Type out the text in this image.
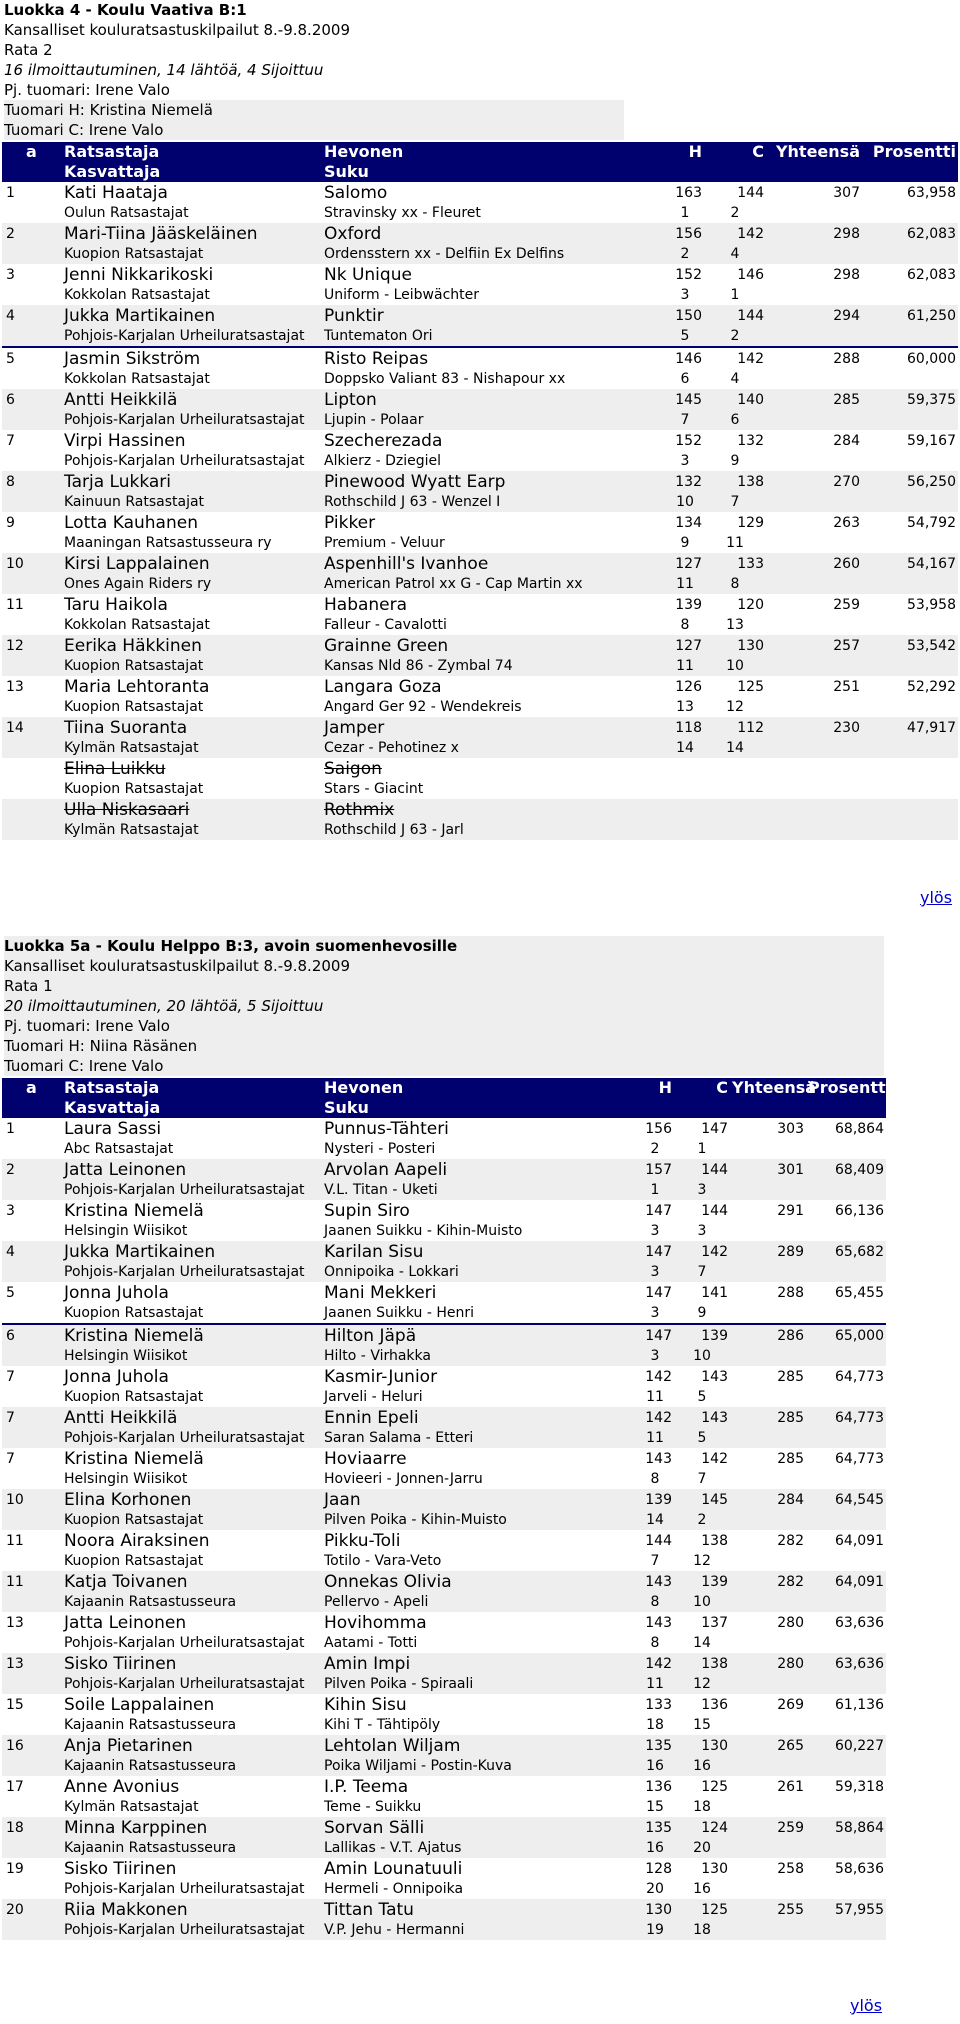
Luokka 4 - Koulu Vaativa B:1
Kansalliset kouluratsastuskilpailut 8.-9.8.2009
Rata 2
16 ilmoittautuminen, 14 lähtöä, 4 Sijoittuu
Pj. tuomari: Irene Valo
Tuomari H: Kristina Niemelä
Tuomari C: Irene Valo
a	Ratsastaja	Hevonen	H	C	Yhteensä	Prosentti
	Kasvattaja	Suku				
1	Kati Haataja	Salomo	163	144	307	63,958
	Oulun Ratsastajat	Stravinsky xx - Fleuret	1	2		
2	Mari-Tiina Jääskeläinen	Oxford	156	142	298	62,083
	Kuopion Ratsastajat	Ordensstern xx - Delfiin Ex Delfins	2	4		
3	Jenni Nikkarikoski	Nk Unique	152	146	298	62,083
	Kokkolan Ratsastajat	Uniform - Leibwächter	3	1		
4	Jukka Martikainen	Punktir	150	144	294	61,250
	Pohjois-Karjalan Urheiluratsastajat	Tuntematon Ori	5	2		
5	Jasmin Sikström	Risto Reipas	146	142	288	60,000
	Kokkolan Ratsastajat	Doppsko Valiant 83 - Nishapour xx	6	4		
6	Antti Heikkilä	Lipton	145	140	285	59,375
	Pohjois-Karjalan Urheiluratsastajat	Ljupin - Polaar	7	6		
7	Virpi Hassinen	Szecherezada	152	132	284	59,167
	Pohjois-Karjalan Urheiluratsastajat	Alkierz - Dziegiel	3	9		
8	Tarja Lukkari	Pinewood Wyatt Earp	132	138	270	56,250
	Kainuun Ratsastajat	Rothschild J 63 - Wenzel I	10	7		
9	Lotta Kauhanen	Pikker	134	129	263	54,792
	Maaningan Ratsastusseura ry	Premium - Veluur	9	11		
10	Kirsi Lappalainen	Aspenhill's Ivanhoe	127	133	260	54,167
	Ones Again Riders ry	American Patrol xx G - Cap Martin xx	11	8		
11	Taru Haikola	Habanera	139	120	259	53,958
	Kokkolan Ratsastajat	Falleur - Cavalotti	8	13		
12	Eerika Häkkinen	Grainne Green	127	130	257	53,542
	Kuopion Ratsastajat	Kansas Nld 86 - Zymbal 74	11	10		
13	Maria Lehtoranta	Langara Goza	126	125	251	52,292
	Kuopion Ratsastajat	Angard Ger 92 - Wendekreis	13	12		
14	Tiina Suoranta	Jamper	118	112	230	47,917
	Kylmän Ratsastajat	Cezar - Pehotinez x	14	14		
	Elina Luikku	Saigon				
	Kuopion Ratsastajat	Stars - Giacint				
	Ulla Niskasaari	Rothmix				
	Kylmän Ratsastajat	Rothschild J 63 - Jarl				
ylös
Luokka 5a - Koulu Helppo B:3, avoin suomenhevosille
Kansalliset kouluratsastuskilpailut 8.-9.8.2009
Rata 1
20 ilmoittautuminen, 20 lähtöä, 5 Sijoittuu
Pj. tuomari: Irene Valo
Tuomari H: Niina Räsänen
Tuomari C: Irene Valo
a	Ratsastaja	Hevonen	H	C	Yhteensä	Prosentti
	Kasvattaja	Suku				
1	Laura Sassi	Punnus-Tähteri	156	147	303	68,864
	Abc Ratsastajat	Nysteri - Posteri	2	1		
2	Jatta Leinonen	Arvolan Aapeli	157	144	301	68,409
	Pohjois-Karjalan Urheiluratsastajat	V.L. Titan - Uketi	1	3		
3	Kristina Niemelä	Supin Siro	147	144	291	66,136
	Helsingin Wiisikot	Jaanen Suikku - Kihin-Muisto	3	3		
4	Jukka Martikainen	Karilan Sisu	147	142	289	65,682
	Pohjois-Karjalan Urheiluratsastajat	Onnipoika - Lokkari	3	7		
5	Jonna Juhola	Mani Mekkeri	147	141	288	65,455
	Kuopion Ratsastajat	Jaanen Suikku - Henri	3	9		
6	Kristina Niemelä	Hilton Jäpä	147	139	286	65,000
	Helsingin Wiisikot	Hilto - Virhakka	3	10		
7	Jonna Juhola	Kasmir-Junior	142	143	285	64,773
	Kuopion Ratsastajat	Jarveli - Heluri	11	5		
7	Antti Heikkilä	Ennin Epeli	142	143	285	64,773
	Pohjois-Karjalan Urheiluratsastajat	Saran Salama - Etteri	11	5		
7	Kristina Niemelä	Hoviaarre	143	142	285	64,773
	Helsingin Wiisikot	Hovieeri - Jonnen-Jarru	8	7		
10	Elina Korhonen	Jaan	139	145	284	64,545
	Kuopion Ratsastajat	Pilven Poika - Kihin-Muisto	14	2		
11	Noora Airaksinen	Pikku-Toli	144	138	282	64,091
	Kuopion Ratsastajat	Totilo - Vara-Veto	7	12		
11	Katja Toivanen	Onnekas Olivia	143	139	282	64,091
	Kajaanin Ratsastusseura	Pellervo - Apeli	8	10		
13	Jatta Leinonen	Hovihomma	143	137	280	63,636
	Pohjois-Karjalan Urheiluratsastajat	Aatami - Totti	8	14		
13	Sisko Tiirinen	Amin Impi	142	138	280	63,636
	Pohjois-Karjalan Urheiluratsastajat	Pilven Poika - Spiraali	11	12		
15	Soile Lappalainen	Kihin Sisu	133	136	269	61,136
	Kajaanin Ratsastusseura	Kihi T - Tähtipöly	18	15		
16	Anja Pietarinen	Lehtolan Wiljam	135	130	265	60,227
	Kajaanin Ratsastusseura	Poika Wiljami - Postin-Kuva	16	16		
17	Anne Avonius	I.P. Teema	136	125	261	59,318
	Kylmän Ratsastajat	Teme - Suikku	15	18		
18	Minna Karppinen	Sorvan Sälli	135	124	259	58,864
	Kajaanin Ratsastusseura	Lallikas - V.T. Ajatus	16	20		
19	Sisko Tiirinen	Amin Lounatuuli	128	130	258	58,636
	Pohjois-Karjalan Urheiluratsastajat	Hermeli - Onnipoika	20	16		
20	Riia Makkonen	Tittan Tatu	130	125	255	57,955
	Pohjois-Karjalan Urheiluratsastajat	V.P. Jehu - Hermanni	19	18		
ylös
